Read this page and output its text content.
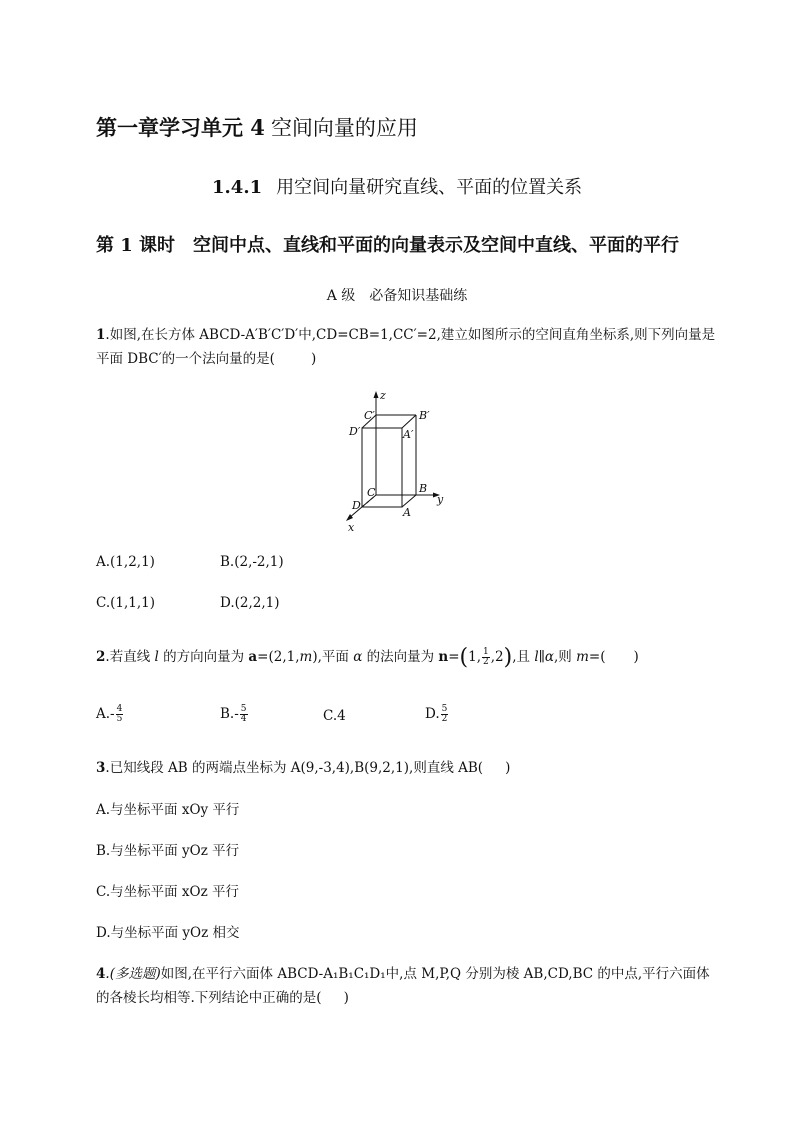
第一章学习单元 4 空间向量的应用
1.4.1 用空间向量研究直线、平面的位置关系
第 1 课时　空间中点、直线和平面的向量表示及空间中直线、平面的平行
A 级　必备知识基础练
1.如图,在长方体 ABCD-A′B′C′D′中,CD=CB=1,CC′=2,建立如图所示的空间直角坐标系,则下列向量是
平面 DBC′的一个法向量的是(	)
z
C′	B′
D′	A′
C	B
y
D
A
x
A.(1,2,1)	B.(2,-2,1)
C.(1,1,1)	D.(2,2,1)
2.若直线 l 的方向向量为 a=(2,1,m),平面 α 的法向量为 n=(1, $\frac{1}{2} ,2$),且 l∥α,则 m=( )
$A.- \frac{4}{5}$	$B.- \frac{5}{4}$	C.4	D. $\frac{5}{2}$
3.已知线段 AB 的两端点坐标为 A(9,-3,4),B(9,2,1),则直线 AB( )
A.与坐标平面 xOy 平行
B.与坐标平面 yOz 平行
C.与坐标平面 xOz 平行
D.与坐标平面 yOz 相交
4.(多选题)如图,在平行六面体 ABCD-A₁B₁C₁D₁中,点 M,P,Q 分别为棱 AB,CD,BC 的中点,平行六面体
的各棱长均相等.下列结论中正确的是( )
